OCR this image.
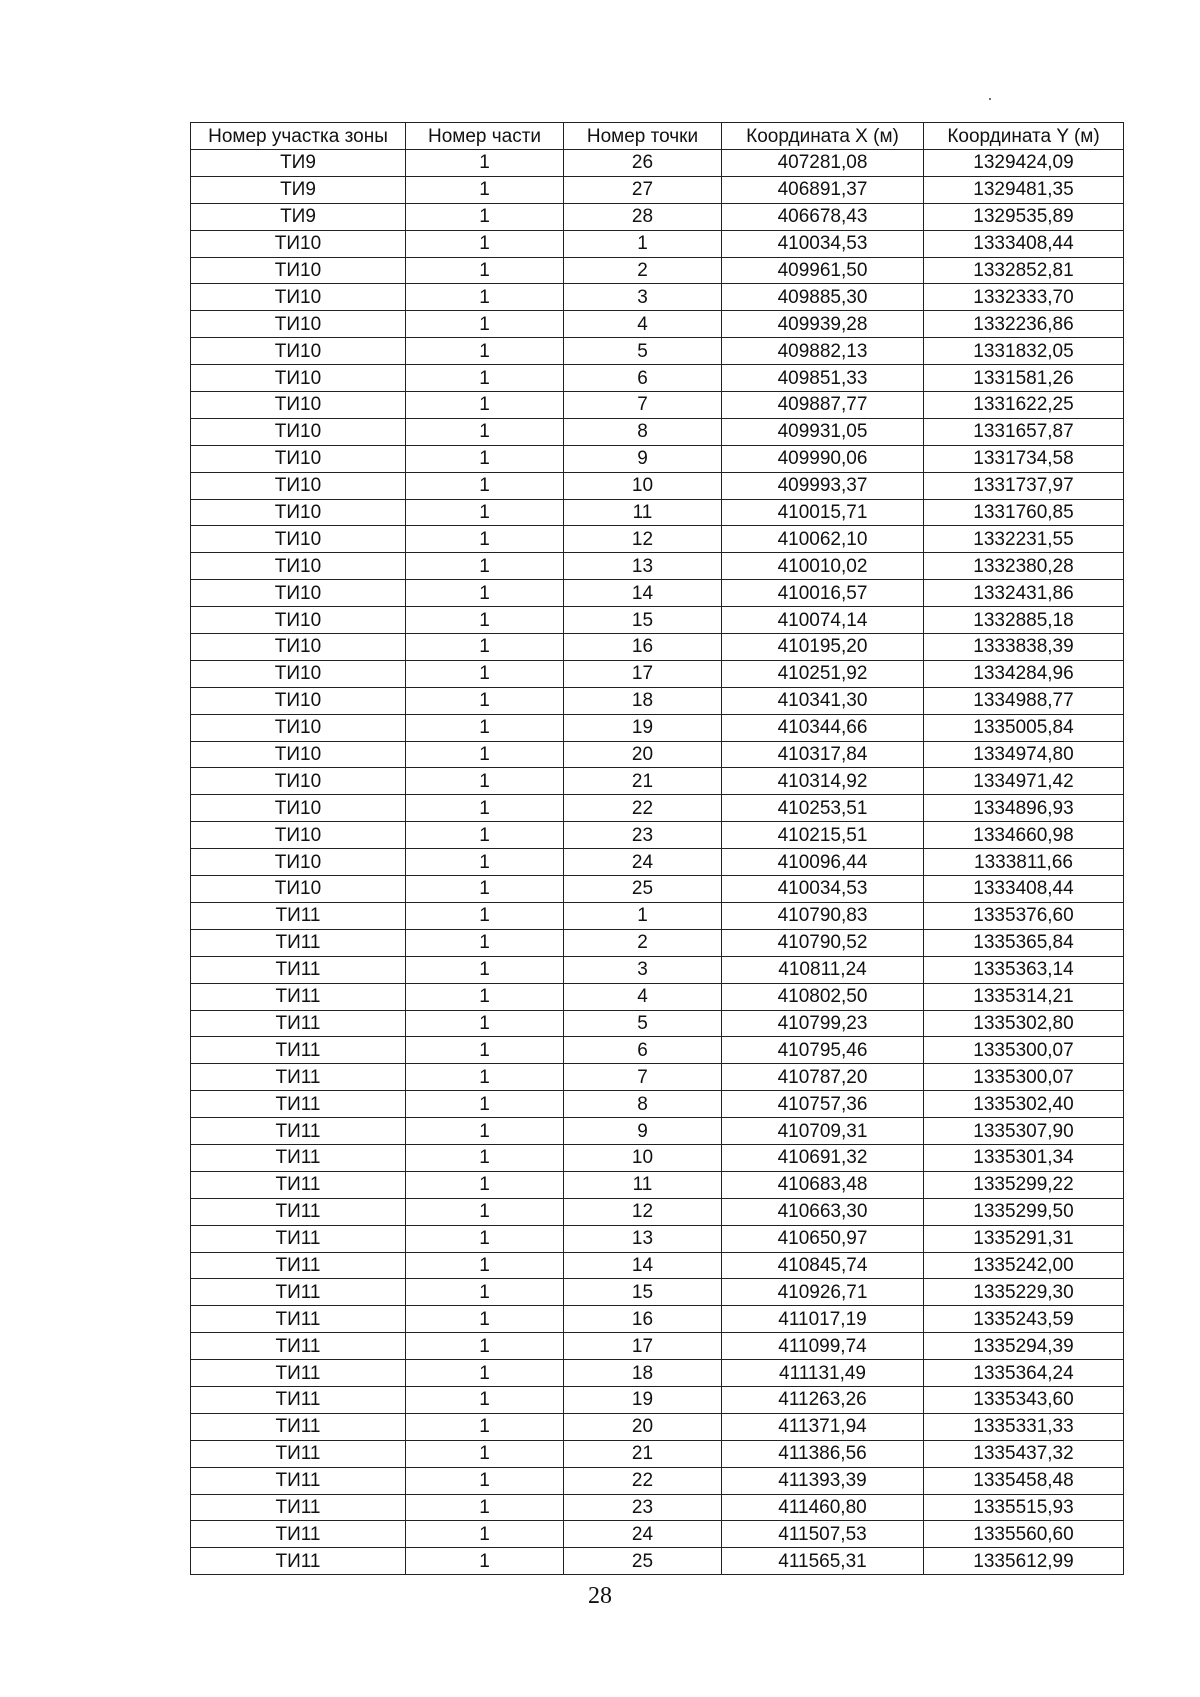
Номер участка зоны	Номер части	Номер точки	Координата X (м)	Координата Y (м)
ТИ9	1	26	407281,08	1329424,09
ТИ9	1	27	406891,37	1329481,35
ТИ9	1	28	406678,43	1329535,89
ТИ10	1	1	410034,53	1333408,44
ТИ10	1	2	409961,50	1332852,81
ТИ10	1	3	409885,30	1332333,70
ТИ10	1	4	409939,28	1332236,86
ТИ10	1	5	409882,13	1331832,05
ТИ10	1	6	409851,33	1331581,26
ТИ10	1	7	409887,77	1331622,25
ТИ10	1	8	409931,05	1331657,87
ТИ10	1	9	409990,06	1331734,58
ТИ10	1	10	409993,37	1331737,97
ТИ10	1	11	410015,71	1331760,85
ТИ10	1	12	410062,10	1332231,55
ТИ10	1	13	410010,02	1332380,28
ТИ10	1	14	410016,57	1332431,86
ТИ10	1	15	410074,14	1332885,18
ТИ10	1	16	410195,20	1333838,39
ТИ10	1	17	410251,92	1334284,96
ТИ10	1	18	410341,30	1334988,77
ТИ10	1	19	410344,66	1335005,84
ТИ10	1	20	410317,84	1334974,80
ТИ10	1	21	410314,92	1334971,42
ТИ10	1	22	410253,51	1334896,93
ТИ10	1	23	410215,51	1334660,98
ТИ10	1	24	410096,44	1333811,66
ТИ10	1	25	410034,53	1333408,44
ТИ11	1	1	410790,83	1335376,60
ТИ11	1	2	410790,52	1335365,84
ТИ11	1	3	410811,24	1335363,14
ТИ11	1	4	410802,50	1335314,21
ТИ11	1	5	410799,23	1335302,80
ТИ11	1	6	410795,46	1335300,07
ТИ11	1	7	410787,20	1335300,07
ТИ11	1	8	410757,36	1335302,40
ТИ11	1	9	410709,31	1335307,90
ТИ11	1	10	410691,32	1335301,34
ТИ11	1	11	410683,48	1335299,22
ТИ11	1	12	410663,30	1335299,50
ТИ11	1	13	410650,97	1335291,31
ТИ11	1	14	410845,74	1335242,00
ТИ11	1	15	410926,71	1335229,30
ТИ11	1	16	411017,19	1335243,59
ТИ11	1	17	411099,74	1335294,39
ТИ11	1	18	411131,49	1335364,24
ТИ11	1	19	411263,26	1335343,60
ТИ11	1	20	411371,94	1335331,33
ТИ11	1	21	411386,56	1335437,32
ТИ11	1	22	411393,39	1335458,48
ТИ11	1	23	411460,80	1335515,93
ТИ11	1	24	411507,53	1335560,60
ТИ11	1	25	411565,31	1335612,99
28
